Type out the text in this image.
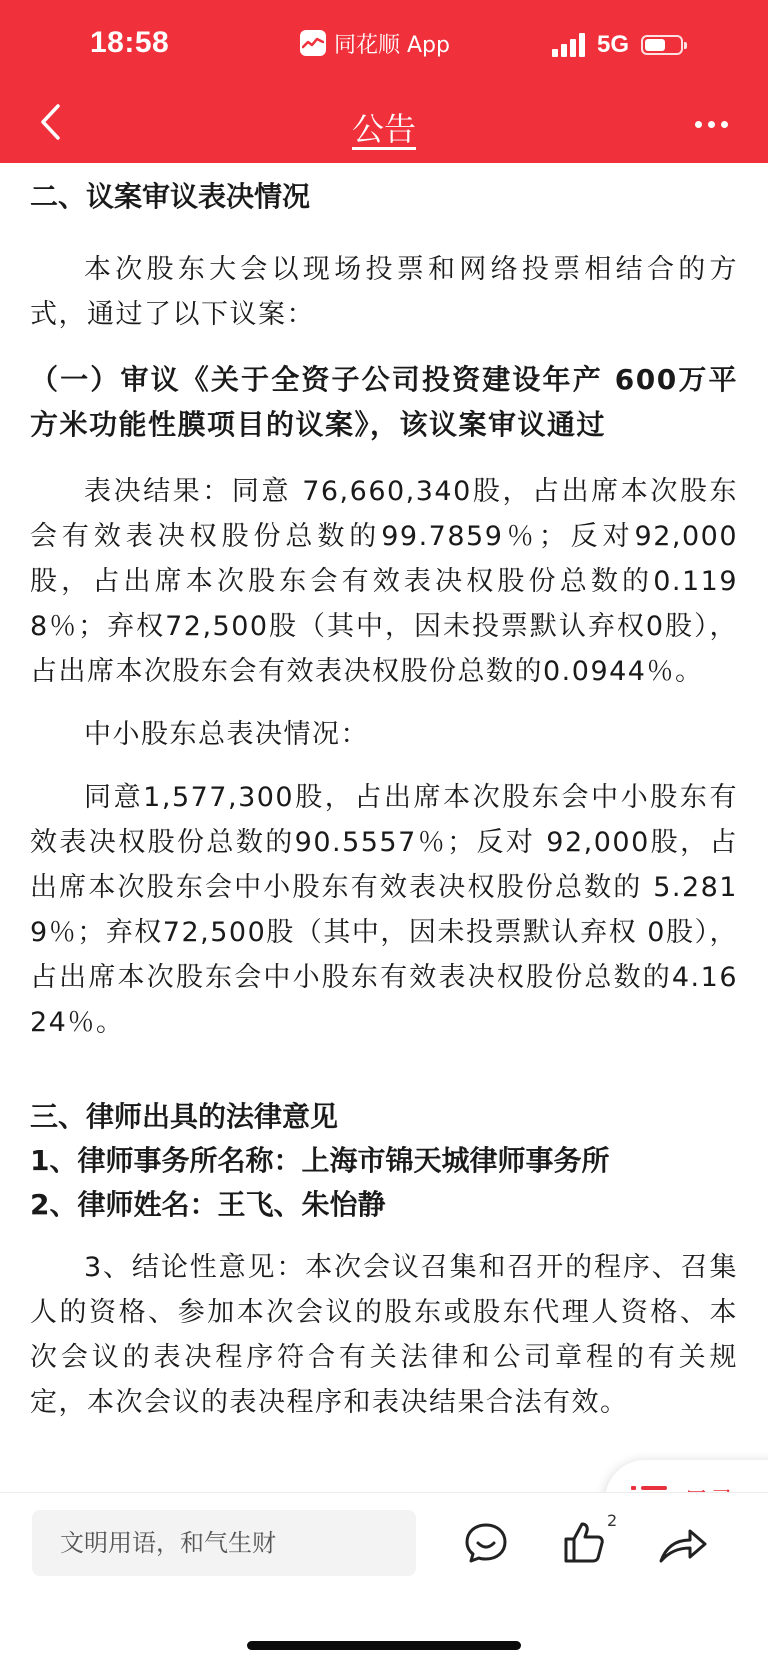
18:58	同花顺 App	5G
公告

二、议案审议表决情况

本次股东大会以现场投票和网络投票相结合的方式，通过了以下议案：

（一）审议《关于全资子公司投资建设年产 600万平方米功能性膜项目的议案》，该议案审议通过

表决结果：同意 76,660,340股，占出席本次股东会有效表决权股份总数的99.7859％；反对92,000股，占出席本次股东会有效表决权股份总数的0.1198％；弃权72,500股（其中，因未投票默认弃权0股），占出席本次股东会有效表决权股份总数的0.0944％。

中小股东总表决情况：

同意1,577,300股，占出席本次股东会中小股东有效表决权股份总数的90.5557％；反对 92,000股，占出席本次股东会中小股东有效表决权股份总数的 5.2819％；弃权72,500股（其中，因未投票默认弃权 0股），占出席本次股东会中小股东有效表决权股份总数的4.1624％。

三、律师出具的法律意见

1、律师事务所名称：上海市锦天城律师事务所

2、律师姓名：王飞、朱怡静

3、结论性意见：本次会议召集和召开的程序、召集人的资格、参加本次会议的股东或股东代理人资格、本次会议的表决程序符合有关法律和公司章程的有关规定，本次会议的表决程序和表决结果合法有效。

文明用语，和气生财
2
